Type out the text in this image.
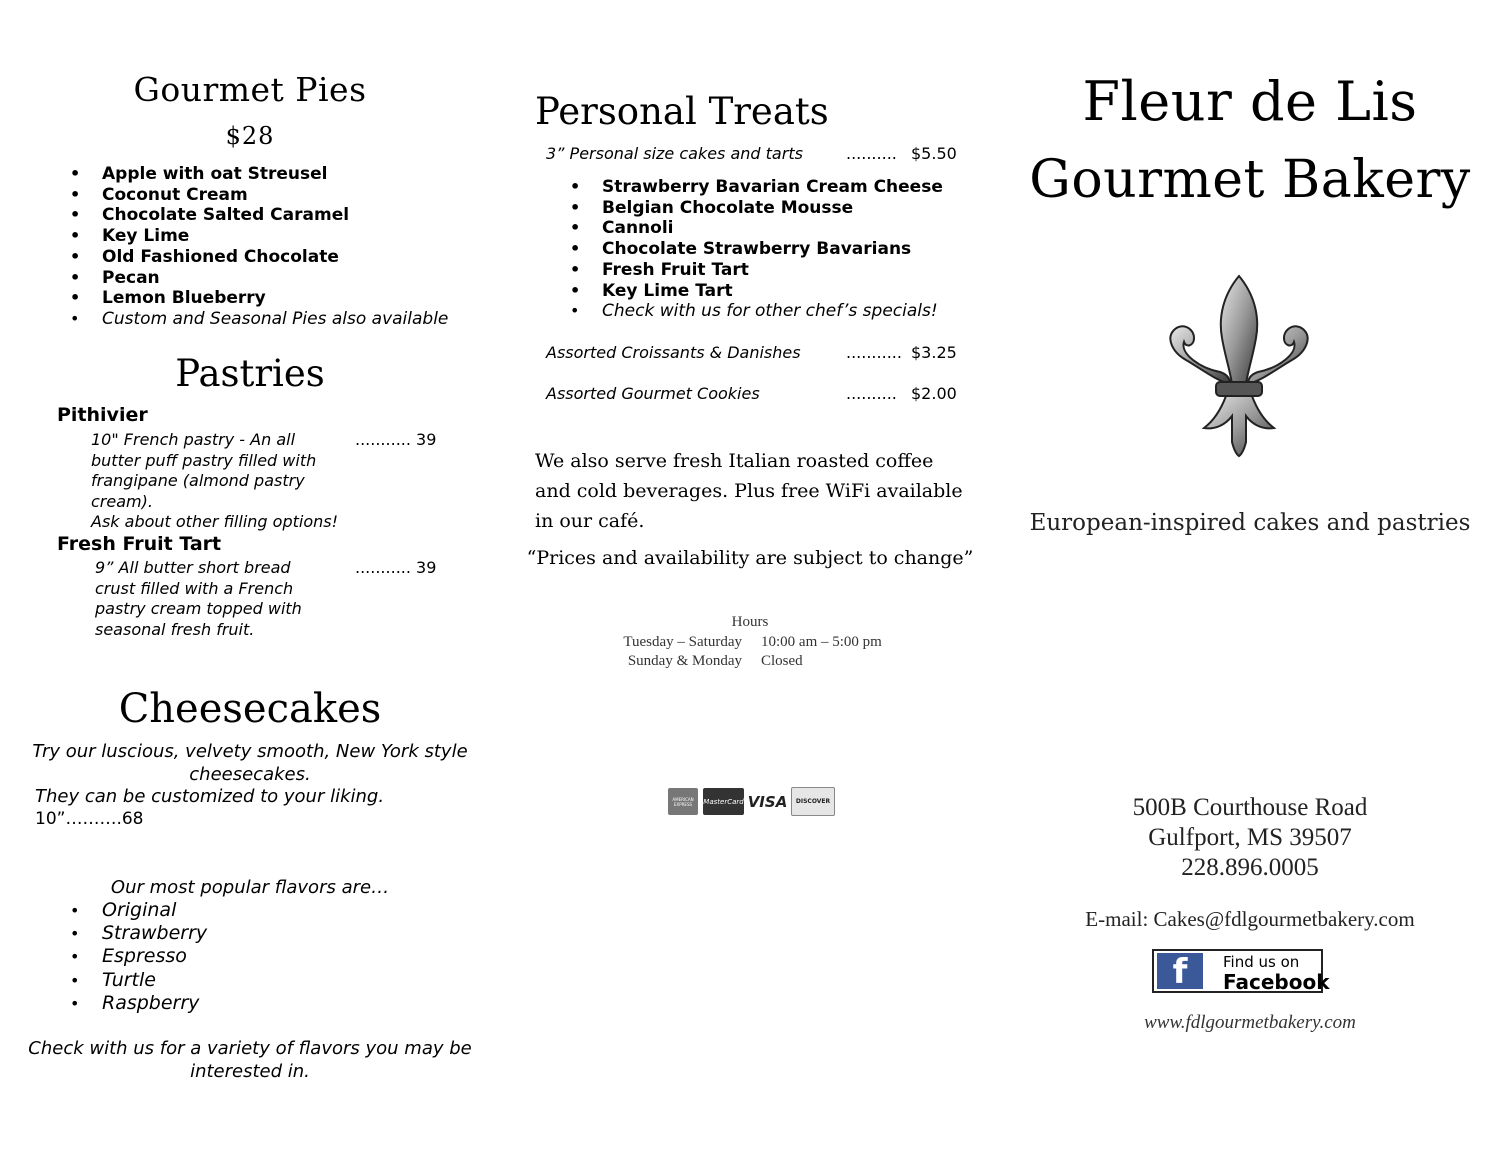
Gourmet Pies
$28
• Apple with oat Streusel
• Coconut Cream
• Chocolate Salted Caramel
• Key Lime
• Old Fashioned Chocolate
• Pecan
• Lemon Blueberry
• Custom and Seasonal Pies also available
Pastries
Pithivier
10" French pastry - An all butter puff pastry filled with frangipane (almond pastry cream).
........... 39
Ask about other filling options!
Fresh Fruit Tart
9” All butter short bread crust filled with a French pastry cream topped with seasonal fresh fruit.
........... 39
Cheesecakes
Try our luscious, velvety smooth, New York style cheesecakes.
They can be customized to your liking.
10”……….68
Our most popular flavors are…
• Original
• Strawberry
• Espresso
• Turtle
• Raspberry
Check with us for a variety of flavors you may be interested in.
Personal Treats
3” Personal size cakes and tarts	.......... $5.50
• Strawberry Bavarian Cream Cheese
• Belgian Chocolate Mousse
• Cannoli
• Chocolate Strawberry Bavarians
• Fresh Fruit Tart
• Key Lime Tart
• Check with us for other chef’s specials!
Assorted Croissants & Danishes	........... $3.25
Assorted Gourmet Cookies	.......... $2.00
We also serve fresh Italian roasted coffee and cold beverages. Plus free WiFi available in our café.
“Prices and availability are subject to change”
Hours
Tuesday – Saturday 10:00 am – 5:00 pm
Sunday & Monday Closed
AMERICAN EXPRESS	MasterCard VISA	DISCOVER
Fleur de Lis
Gourmet Bakery
European-inspired cakes and pastries
500B Courthouse Road
Gulfport, MS 39507
228.896.0005
E-mail: Cakes@fdlgourmetbakery.com
f	Find us on
Facebook
www.fdlgourmetbakery.com
